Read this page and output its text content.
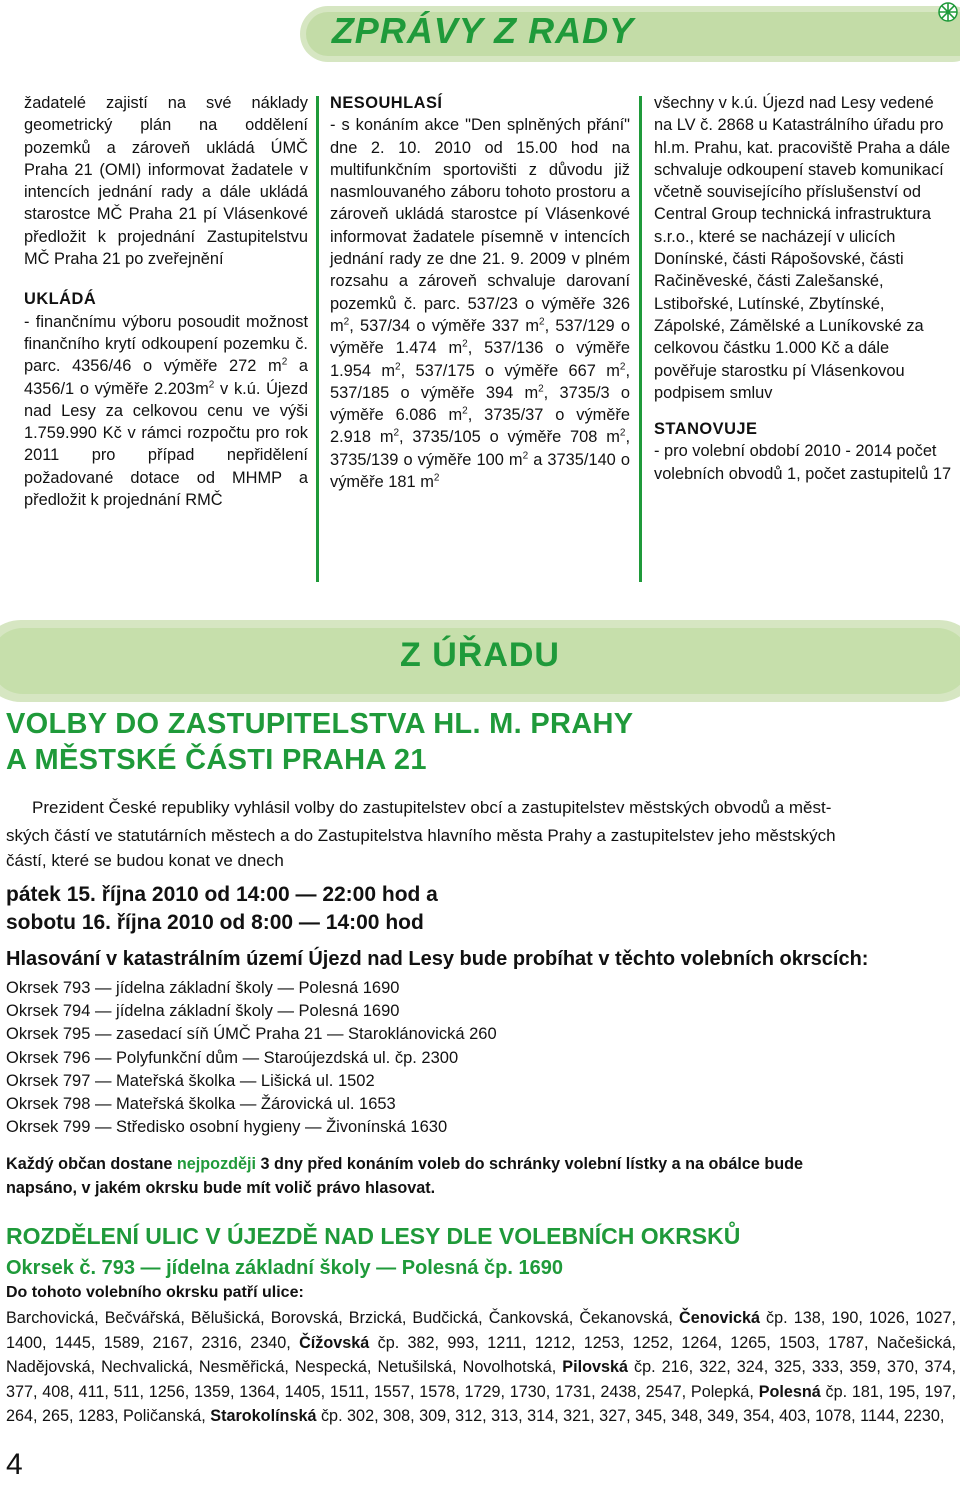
ZPRÁVY Z RADY

žadatelé zajistí na své náklady geometrický plán na oddělení pozemků a zároveň ukládá ÚMČ Praha 21 (OMI) informovat žadatele v intencích jednání rady a dále ukládá starostce MČ Praha 21 pí Vlásenkové předložit k projednání Zastupitelstvu MČ Praha 21 po zveřejnění

UKLÁDÁ

- finančnímu výboru posoudit možnost finančního krytí odkoupení pozemku č. parc. 4356/46 o výměře 272 $m^2$ a 4356/1 o výměře $2.203m^2$ v k.ú. Újezd nad Lesy za celkovou cenu ve výši 1.759.990 Kč v rámci rozpočtu pro rok 2011 pro případ nepřidělení požadované dotace od MHMP a předložit k projednání RMČ

NESOUHLASÍ

- s konáním akce "Den splněných přání" dne 2. 10. 2010 od 15.00 hod na multifunkčním sportovišti z důvodu již nasmlouvaného záboru tohoto prostoru a zároveň ukládá starostce pí Vlásenkové informovat žadatele písemně v intencích jednání rady ze dne 21. 9. 2009 v plném rozsahu a zároveň schvaluje darovaní pozemků č. parc. 537/23 o výměře 326 $m^2$, 537/34 o výměře 337 $m^2$, 537/129 o výměře 1.474 $m^2$, 537/136 o výměře 1.954 $m^2$, 537/175 o výměře 667 $m^2$, 537/185 o výměře 394 $m^2$, 3735/3 o výměře 6.086 $m^2$, 3735/37 o výměře 2.918 $m^2$, 3735/105 o výměře 708 $m^2$, 3735/139 o výměře 100 $m^2$ a 3735/140 o výměře 181 $m^2$

všechny v k.ú. Újezd nad Lesy vedené na LV č. 2868 u Katastrálního úřadu pro hl.m. Prahu, kat. pracoviště Praha a dále schvaluje odkoupení staveb komunikací včetně souvisejícího příslušenství od Central Group technická infrastruktura s.r.o., které se nacházejí v ulicích Donínské, části Rápošovské, části Račiněveské, části Zalešanské, Lstibořské, Lutínské, Zbytínské, Zápolské, Zámělské a Luníkovské za celkovou částku 1.000 Kč a dále pověřuje starostku pí Vlásenkovou podpisem smluv

STANOVUJE

- pro volební období 2010 - 2014 počet volebních obvodů 1, počet zastupitelů 17

Z ÚŘADU
VOLBY DO ZASTUPITELSTVA HL. M. PRAHY
A MĚSTSKÉ ČÁSTI PRAHA 21
Prezident České republiky vyhlásil volby do zastupitelstev obcí a zastupitelstev městských obvodů a měst-
ských částí ve statutárních městech a do Zastupitelstva hlavního města Prahy a zastupitelstev jeho městských
částí, které se budou konat ve dnech
pátek 15. října 2010 od 14:00 — 22:00 hod a
sobotu 16. října 2010 od 8:00 — 14:00 hod
Hlasování v katastrálním území Újezd nad Lesy bude probíhat v těchto volebních okrscích:
Okrsek 793 — jídelna základní školy — Polesná 1690
Okrsek 794 — jídelna základní školy — Polesná 1690
Okrsek 795 — zasedací síň ÚMČ Praha 21 — Staroklánovická 260
Okrsek 796 — Polyfunkční dům — Staroújezdská ul. čp. 2300
Okrsek 797 — Mateřská školka — Lišická ul. 1502
Okrsek 798 — Mateřská školka — Žárovická ul. 1653
Okrsek 799 — Středisko osobní hygieny — Živonínská 1630
Každý občan dostane nejpozději 3 dny před konáním voleb do schránky volební lístky a na obálce bude
napsáno, v jakém okrsku bude mít volič právo hlasovat.
ROZDĚLENÍ ULIC V ÚJEZDĚ NAD LESY DLE VOLEBNÍCH OKRSKŮ
Okrsek č. 793 — jídelna základní školy — Polesná čp. 1690
Do tohoto volebního okrsku patří ulice:
Barchovická, Bečvářská, Bělušická, Borovská, Brzická, Budčická, Čankovská, Čekanovská, Čenovická čp. 138, 190, 1026, 1027, 1400, 1445, 1589, 2167, 2316, 2340, Čížovská čp. 382, 993, 1211, 1212, 1253, 1252, 1264, 1265, 1503, 1787, Načešická, Nadějovská, Nechvalická, Nesměřická, Nespecká, Netušilská, Novolhotská, Pilovská čp. 216, 322, 324, 325, 333, 359, 370, 374, 377, 408, 411, 511, 1256, 1359, 1364, 1405, 1511, 1557, 1578, 1729, 1730, 1731, 2438, 2547, Polepká, Polesná čp. 181, 195, 197, 264, 265, 1283, Poličanská, Starokolínská čp. 302, 308, 309, 312, 313, 314, 321, 327, 345, 348, 349, 354, 403, 1078, 1144, 2230,
4
